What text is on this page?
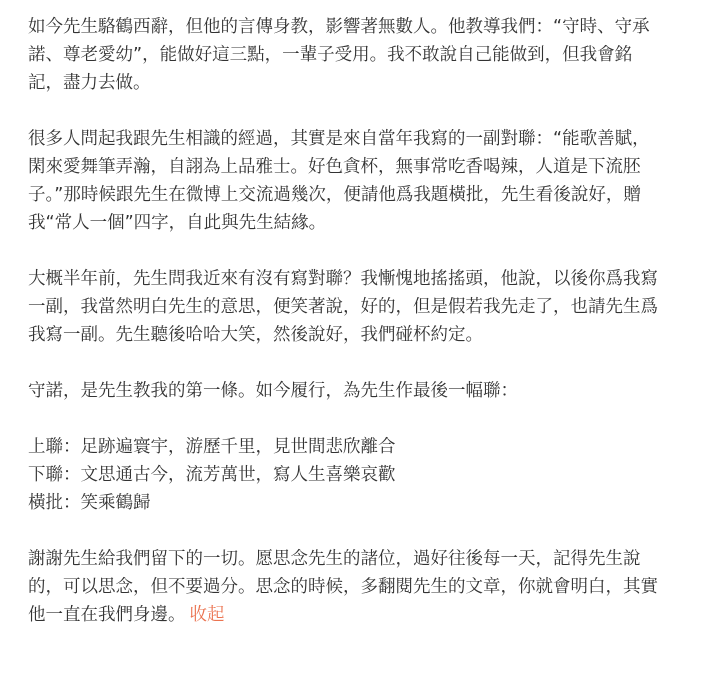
如今先生駱鶴西辭，但他的言傳身教，影響著無數人。他教導我們：“守時、守承
諾、尊老愛幼”，能做好這三點，一輩子受用。我不敢說自己能做到，但我會銘
記，盡力去做。

很多人問起我跟先生相識的經過，其實是來自當年我寫的一副對聯：“能歌善賦，
閑來愛舞筆弄瀚，自詡為上品雅士。好色貪杯，無事常吃香喝辣，人道是下流胚
子。”那時候跟先生在微博上交流過幾次，便請他爲我題橫批，先生看後說好，贈
我“常人一個”四字，自此與先生結緣。

大概半年前，先生問我近來有沒有寫對聯？我慚愧地搖搖頭，他說，以後你爲我寫
一副，我當然明白先生的意思，便笑著說，好的，但是假若我先走了，也請先生爲
我寫一副。先生聽後哈哈大笑，然後說好，我們碰杯約定。

守諾，是先生教我的第一條。如今履行，為先生作最後一幅聯：

上聯：足跡遍寰宇，游歷千里，見世間悲欣離合

下聯：文思通古今，流芳萬世，寫人生喜樂哀歡

橫批：笑乘鶴歸

謝謝先生給我們留下的一切。愿思念先生的諸位，過好往後每一天，記得先生說
的，可以思念，但不要過分。思念的時候，多翻閱先生的文章，你就會明白，其實
他一直在我們身邊。 收起
